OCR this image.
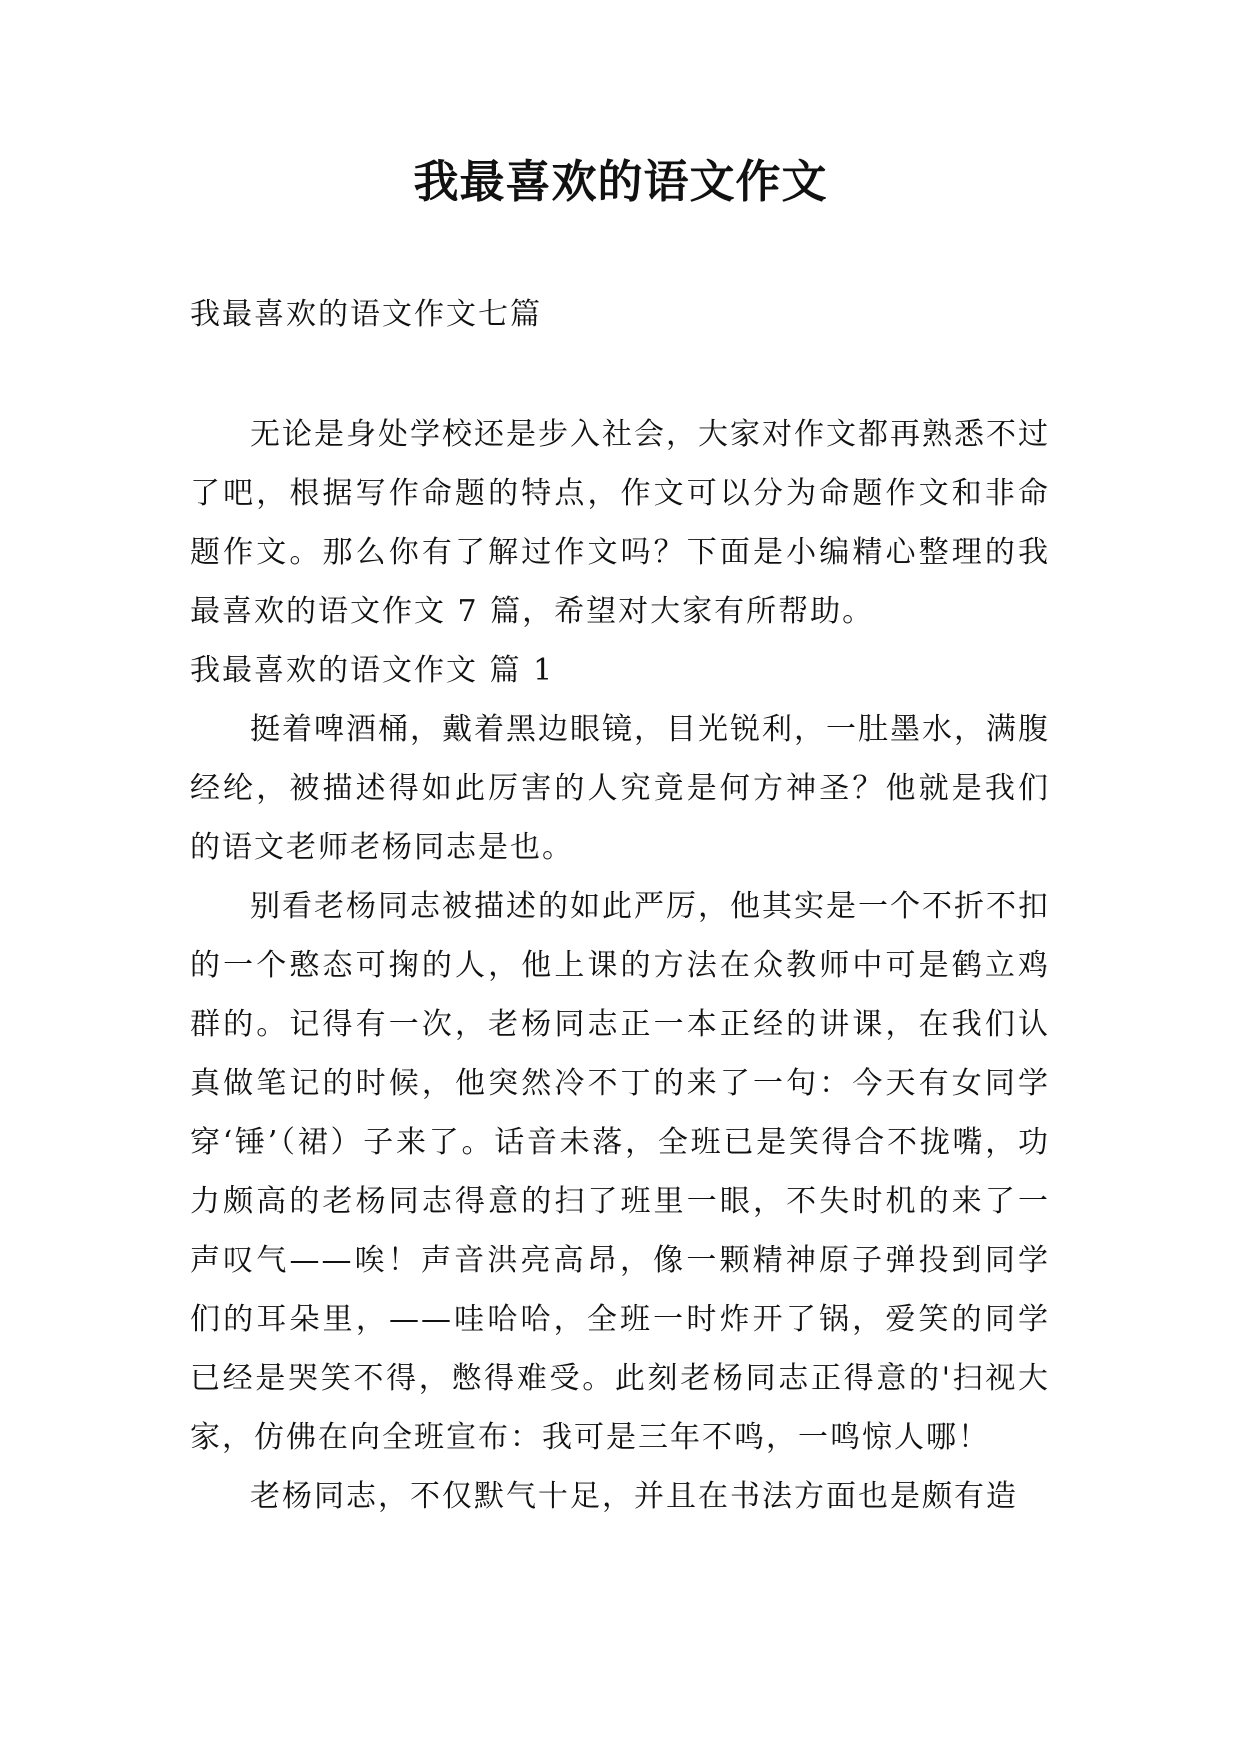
我最喜欢的语文作文
我最喜欢的语文作文七篇

无论是身处学校还是步入社会，大家对作文都再熟悉不过了吧，根据写作命题的特点，作文可以分为命题作文和非命题作文。那么你有了解过作文吗？下面是小编精心整理的我最喜欢的语文作文 7 篇，希望对大家有所帮助。

我最喜欢的语文作文 篇 1

挺着啤酒桶，戴着黑边眼镜，目光锐利，一肚墨水，满腹经纶，被描述得如此厉害的人究竟是何方神圣？他就是我们的语文老师老杨同志是也。

别看老杨同志被描述的如此严厉，他其实是一个不折不扣的一个憨态可掬的人，他上课的方法在众教师中可是鹤立鸡群的。记得有一次，老杨同志正一本正经的讲课，在我们认真做笔记的时候，他突然冷不丁的来了一句：今天有女同学穿‘锤’（裙）子来了。话音未落，全班已是笑得合不拢嘴，功力颇高的老杨同志得意的扫了班里一眼，不失时机的来了一声叹气——唉！声音洪亮高昂，像一颗精神原子弹投到同学们的耳朵里，——哇哈哈，全班一时炸开了锅，爱笑的同学已经是哭笑不得，憋得难受。此刻老杨同志正得意的'扫视大家，仿佛在向全班宣布：我可是三年不鸣，一鸣惊人哪！

老杨同志，不仅默气十足，并且在书法方面也是颇有造
